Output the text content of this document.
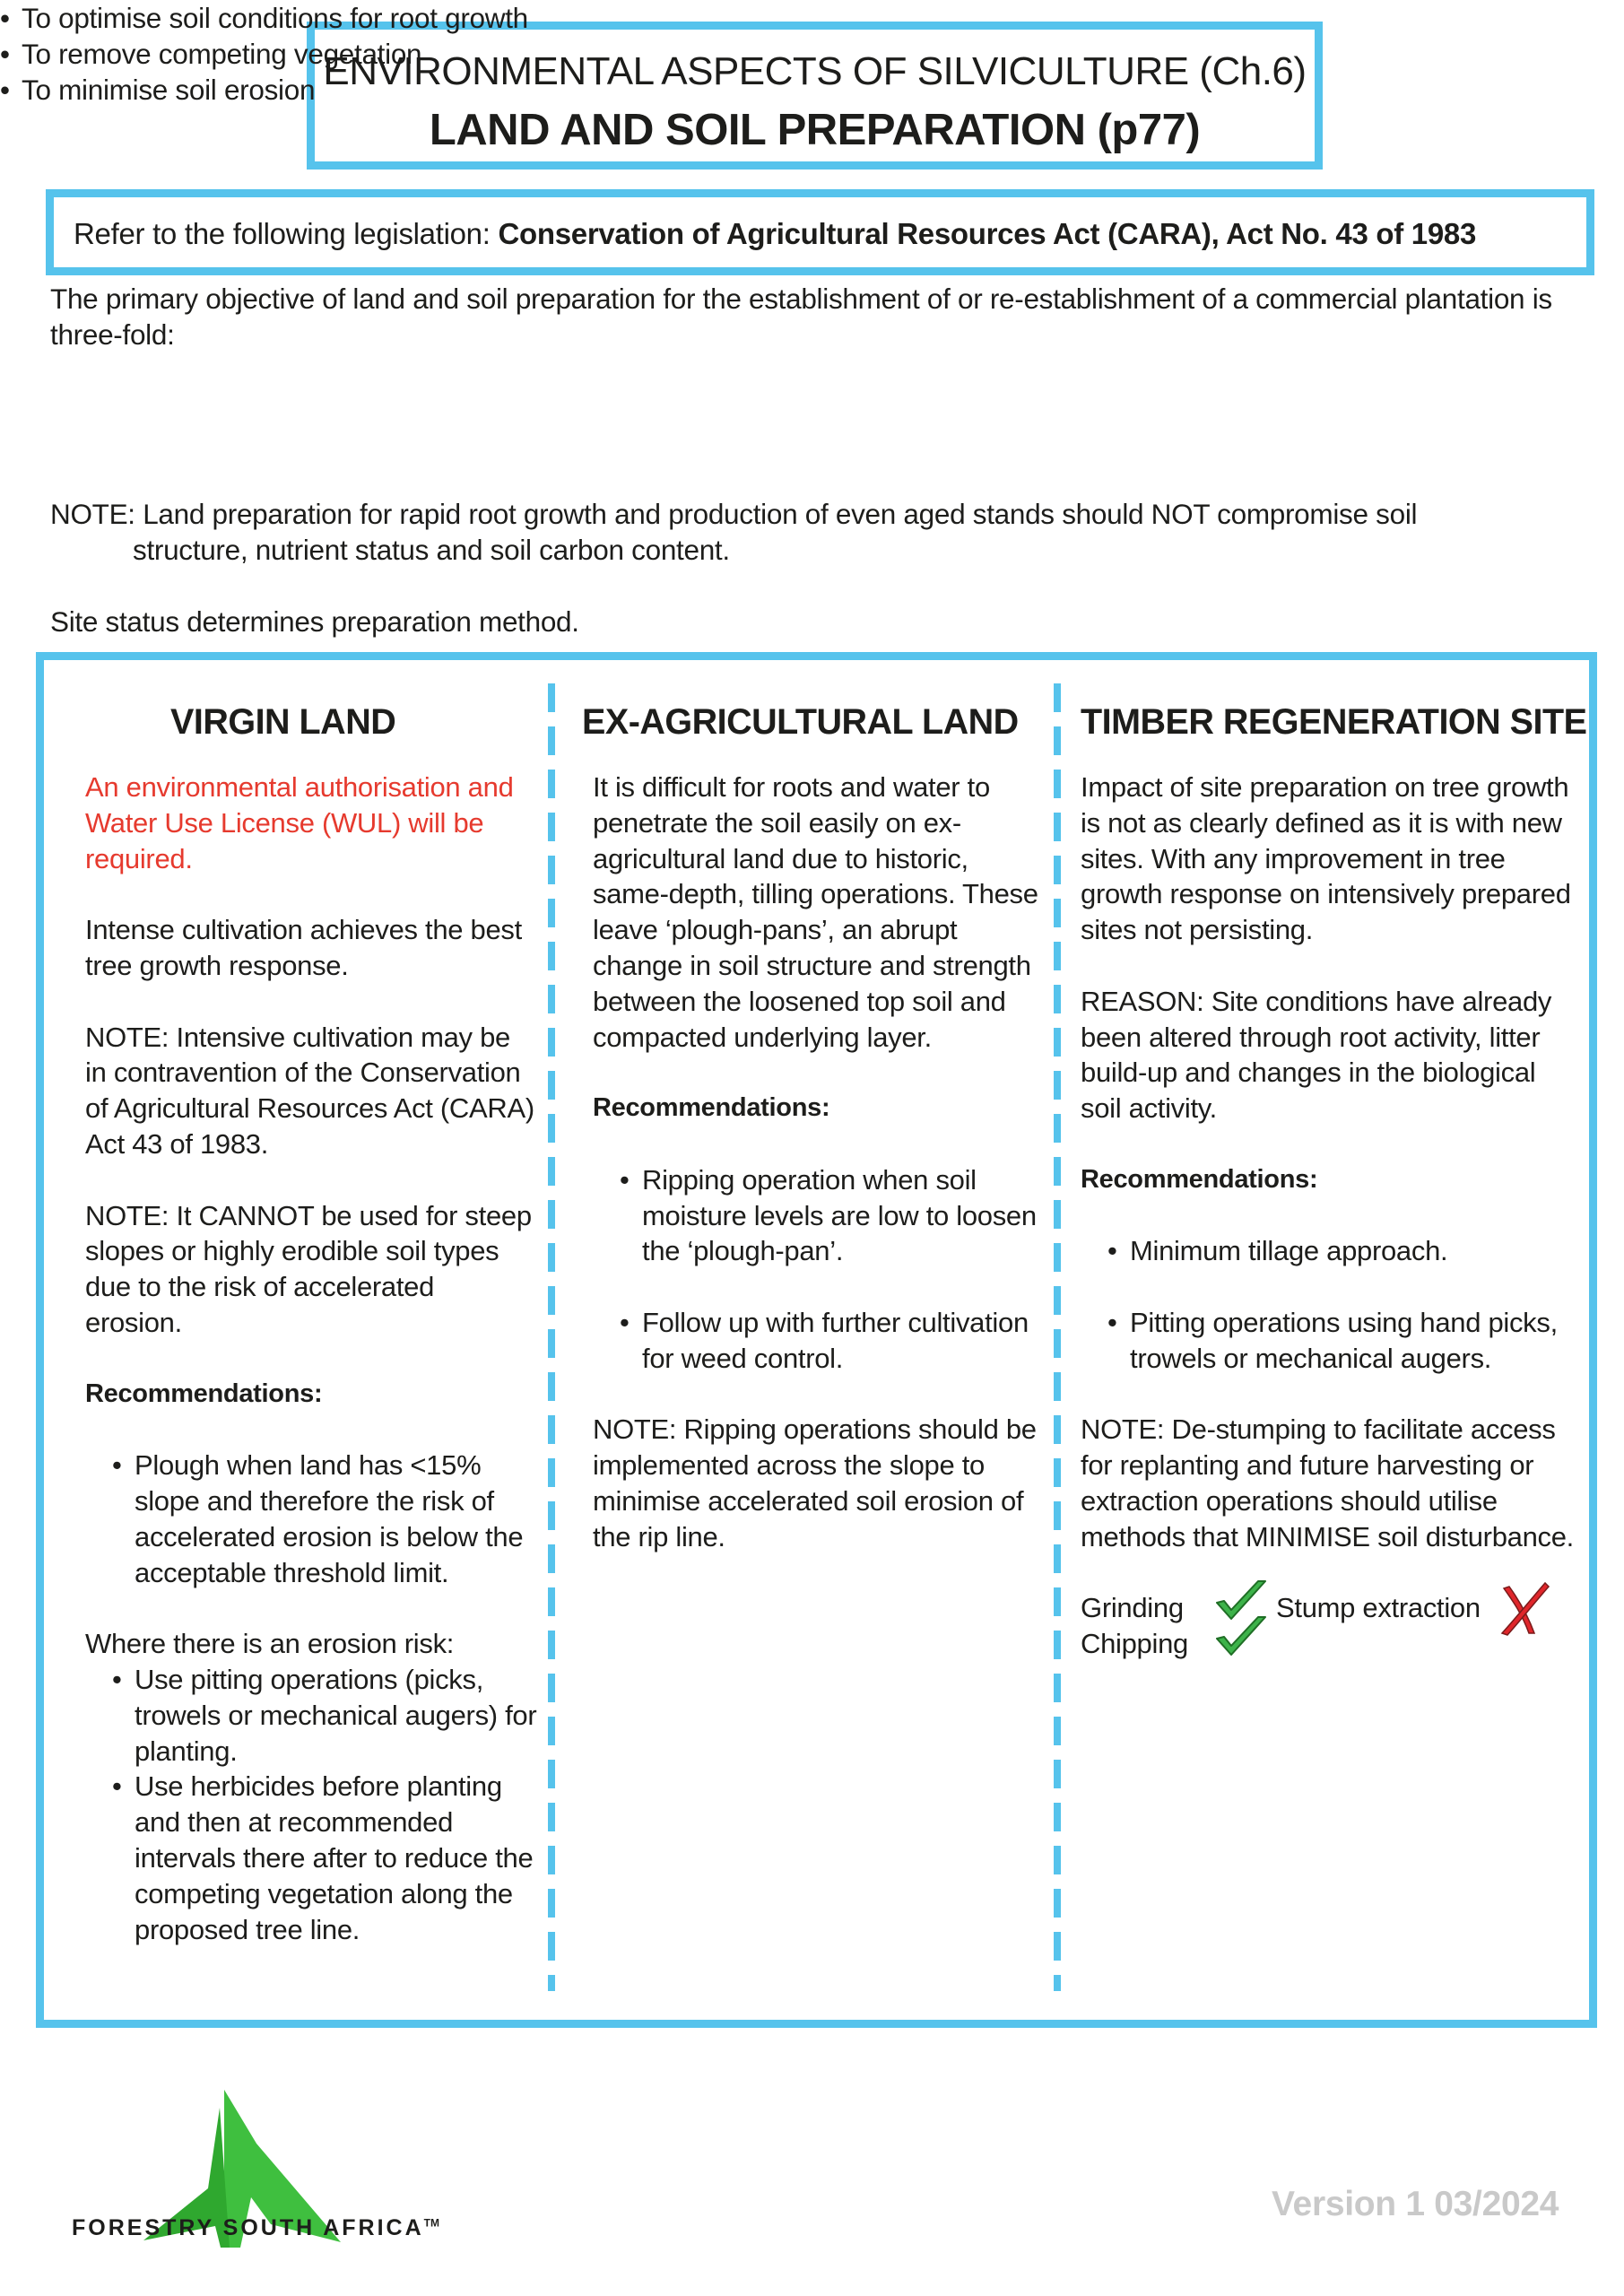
ENVIRONMENTAL ASPECTS OF SILVICULTURE (Ch.6)
LAND AND SOIL PREPARATION (p77)
Refer to the following legislation: Conservation of Agricultural Resources Act (CARA), Act No. 43 of 1983
The primary objective of land and soil preparation for the establishment of or re-establishment of a commercial plantation is three-fold:
• To optimise soil conditions for root growth
• To remove competing vegetation
• To minimise soil erosion
NOTE: Land preparation for rapid root growth and production of even aged stands should NOT compromise soil
structure, nutrient status and soil carbon content.
Site status determines preparation method.
VIRGIN LAND

An environmental authorisation and Water Use License (WUL) will be required.

Intense cultivation achieves the best tree growth response.

NOTE: Intensive cultivation may be in contravention of the Conservation of Agricultural Resources Act (CARA) Act 43 of 1983.

NOTE: It CANNOT be used for steep slopes or highly erodible soil types due to the risk of accelerated erosion.

Recommendations:

• Plough when land has <15% slope and therefore the risk of accelerated erosion is below the acceptable threshold limit.

Where there is an erosion risk:

• Use pitting operations (picks, trowels or mechanical augers) for planting.
• Use herbicides before planting and then at recommended intervals there after to reduce the competing vegetation along the proposed tree line.
EX-AGRICULTURAL LAND

It is difficult for roots and water to penetrate the soil easily on ex-agricultural land due to historic, same-depth, tilling operations. These leave ‘plough-pans’, an abrupt change in soil structure and strength between the loosened top soil and compacted underlying layer.

Recommendations:

• Ripping operation when soil moisture levels are low to loosen the ‘plough-pan’.
• Follow up with further cultivation for weed control.

NOTE: Ripping operations should be implemented across the slope to minimise accelerated soil erosion of the rip line.

TIMBER REGENERATION SITE

Impact of site preparation on tree growth is not as clearly defined as it is with new sites. With any improvement in tree growth response on intensively prepared sites not persisting.

REASON: Site conditions have already been altered through root activity, litter build-up and changes in the biological soil activity.

Recommendations:

• Minimum tillage approach.
• Pitting operations using hand picks, trowels or mechanical augers.

NOTE: De-stumping to facilitate access for replanting and future harvesting or extraction operations should utilise methods that MINIMISE soil disturbance.

Grinding
Chipping
Stump extraction
FORESTRY SOUTH AFRICA™	Version 1 03/2024
